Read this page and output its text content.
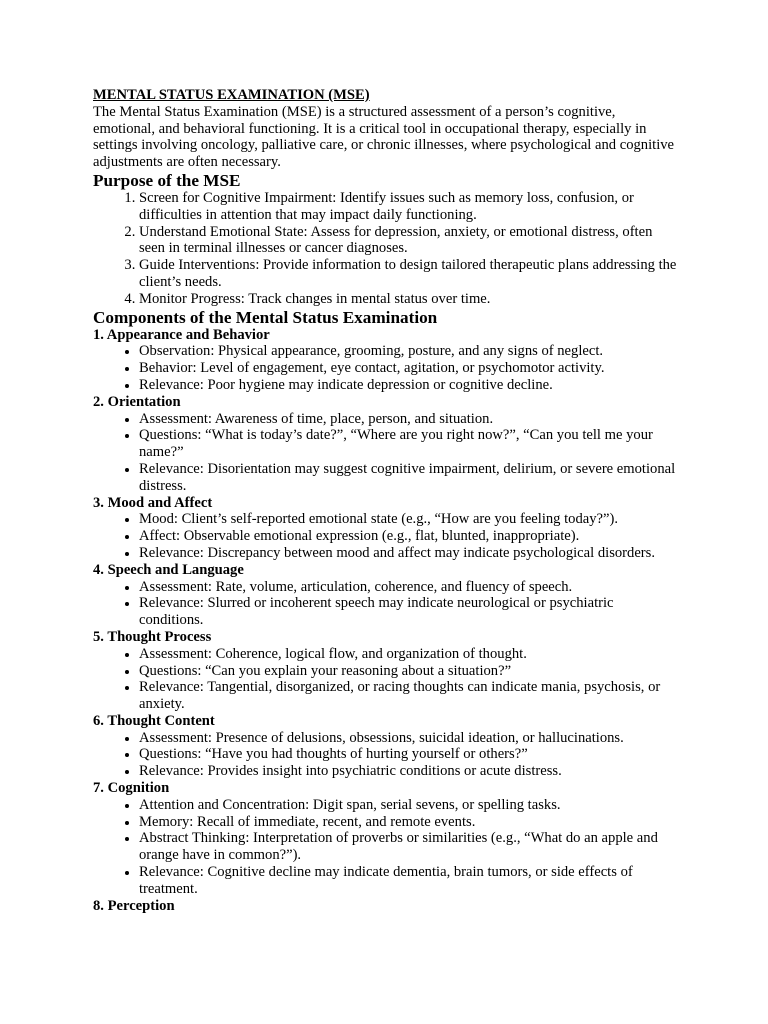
MENTAL STATUS EXAMINATION (MSE)

The Mental Status Examination (MSE) is a structured assessment of a person’s cognitive, emotional, and behavioral functioning. It is a critical tool in occupational therapy, especially in settings involving oncology, palliative care, or chronic illnesses, where psychological and cognitive adjustments are often necessary.

Purpose of the MSE
1. Screen for Cognitive Impairment: Identify issues such as memory loss, confusion, or difficulties in attention that may impact daily functioning.
2. Understand Emotional State: Assess for depression, anxiety, or emotional distress, often seen in terminal illnesses or cancer diagnoses.
3. Guide Interventions: Provide information to design tailored therapeutic plans addressing the client’s needs.
4. Monitor Progress: Track changes in mental status over time.
Components of the Mental Status Examination
1. Appearance and Behavior
• Observation: Physical appearance, grooming, posture, and any signs of neglect.
• Behavior: Level of engagement, eye contact, agitation, or psychomotor activity.
• Relevance: Poor hygiene may indicate depression or cognitive decline.
2. Orientation
• Assessment: Awareness of time, place, person, and situation.
• Questions: “What is today’s date?”, “Where are you right now?”, “Can you tell me your name?”
• Relevance: Disorientation may suggest cognitive impairment, delirium, or severe emotional distress.
3. Mood and Affect
• Mood: Client’s self-reported emotional state (e.g., “How are you feeling today?”).
• Affect: Observable emotional expression (e.g., flat, blunted, inappropriate).
• Relevance: Discrepancy between mood and affect may indicate psychological disorders.
4. Speech and Language
• Assessment: Rate, volume, articulation, coherence, and fluency of speech.
• Relevance: Slurred or incoherent speech may indicate neurological or psychiatric conditions.
5. Thought Process
• Assessment: Coherence, logical flow, and organization of thought.
• Questions: “Can you explain your reasoning about a situation?”
• Relevance: Tangential, disorganized, or racing thoughts can indicate mania, psychosis, or anxiety.
6. Thought Content
• Assessment: Presence of delusions, obsessions, suicidal ideation, or hallucinations.
• Questions: “Have you had thoughts of hurting yourself or others?”
• Relevance: Provides insight into psychiatric conditions or acute distress.
7. Cognition
• Attention and Concentration: Digit span, serial sevens, or spelling tasks.
• Memory: Recall of immediate, recent, and remote events.
• Abstract Thinking: Interpretation of proverbs or similarities (e.g., “What do an apple and orange have in common?”).
• Relevance: Cognitive decline may indicate dementia, brain tumors, or side effects of treatment.
8. Perception
